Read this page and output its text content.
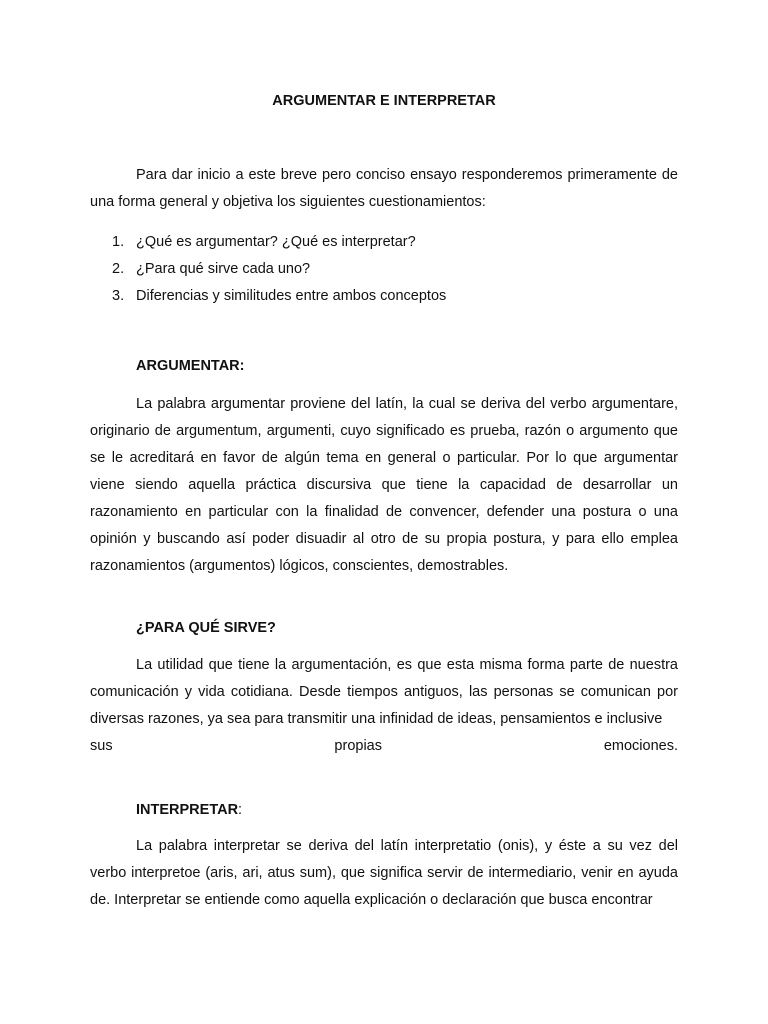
ARGUMENTAR E INTERPRETAR

Para dar inicio a este breve pero conciso ensayo responderemos primeramente de una forma general y objetiva los siguientes cuestionamientos:

1. ¿Qué es argumentar? ¿Qué es interpretar?
2. ¿Para qué sirve cada uno?
3. Diferencias y similitudes entre ambos conceptos
ARGUMENTAR:

La palabra argumentar proviene del latín, la cual se deriva del verbo argumentare, originario de argumentum, argumenti, cuyo significado es prueba, razón o argumento que se le acreditará en favor de algún tema en general o particular. Por lo que argumentar viene siendo aquella práctica discursiva que tiene la capacidad de desarrollar un razonamiento en particular con la finalidad de convencer, defender una postura o una opinión y buscando así poder disuadir al otro de su propia postura, y para ello emplea razonamientos (argumentos) lógicos, conscientes, demostrables.

¿PARA QUÉ SIRVE?

La utilidad que tiene la argumentación, es que esta misma forma parte de nuestra comunicación y vida cotidiana. Desde tiempos antiguos, las personas se comunican por diversas razones, ya sea para transmitir una infinidad de ideas, pensamientos e inclusive

sus	propias	emociones.
INTERPRETAR:

La palabra interpretar se deriva del latín interpretatio (onis), y éste a su vez del verbo interpretoe (aris, ari, atus sum), que significa servir de intermediario, venir en ayuda de. Interpretar se entiende como aquella explicación o declaración que busca encontrar
